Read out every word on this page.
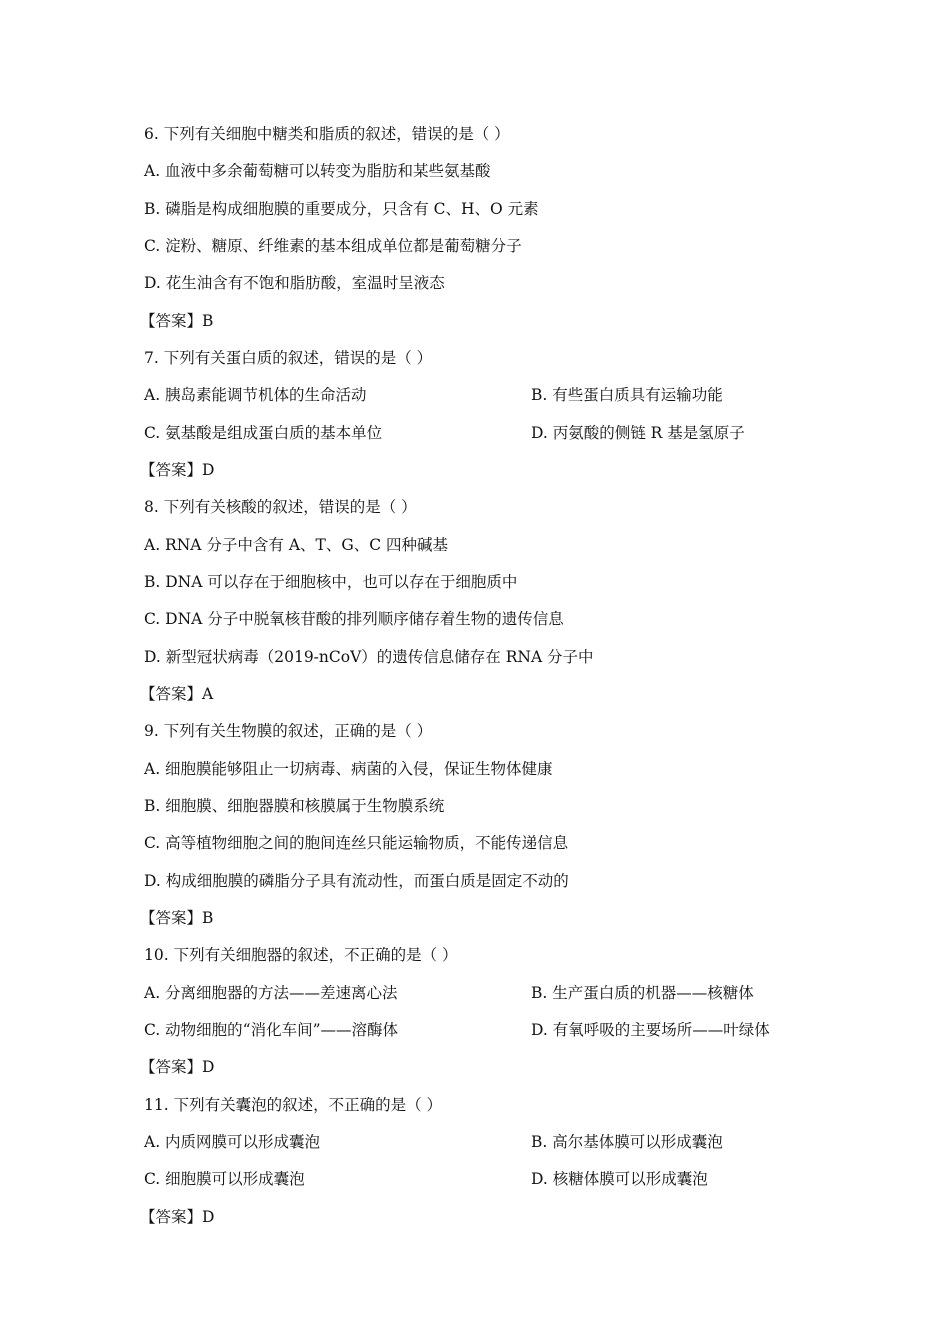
6. 下列有关细胞中糖类和脂质的叙述，错误的是（ ）
A. 血液中多余葡萄糖可以转变为脂肪和某些氨基酸
B. 磷脂是构成细胞膜的重要成分，只含有 C、H、O 元素
C. 淀粉、糖原、纤维素的基本组成单位都是葡萄糖分子
D. 花生油含有不饱和脂肪酸，室温时呈液态
【答案】B
7. 下列有关蛋白质的叙述，错误的是（ ）
A. 胰岛素能调节机体的生命活动	B. 有些蛋白质具有运输功能
C. 氨基酸是组成蛋白质的基本单位	D. 丙氨酸的侧链 R 基是氢原子
【答案】D
8. 下列有关核酸的叙述，错误的是（ ）
A. RNA 分子中含有 A、T、G、C 四种碱基
B. DNA 可以存在于细胞核中，也可以存在于细胞质中
C. DNA 分子中脱氧核苷酸的排列顺序储存着生物的遗传信息
D. 新型冠状病毒（2019-nCoV）的遗传信息储存在 RNA 分子中
【答案】A
9. 下列有关生物膜的叙述，正确的是（ ）
A. 细胞膜能够阻止一切病毒、病菌的入侵，保证生物体健康
B. 细胞膜、细胞器膜和核膜属于生物膜系统
C. 高等植物细胞之间的胞间连丝只能运输物质，不能传递信息
D. 构成细胞膜的磷脂分子具有流动性，而蛋白质是固定不动的
【答案】B
10. 下列有关细胞器的叙述，不正确的是（ ）
A. 分离细胞器的方法——差速离心法	B. 生产蛋白质的机器——核糖体
C. 动物细胞的“消化车间”——溶酶体	D. 有氧呼吸的主要场所——叶绿体
【答案】D
11. 下列有关囊泡的叙述，不正确的是（ ）
A. 内质网膜可以形成囊泡	B. 高尔基体膜可以形成囊泡
C. 细胞膜可以形成囊泡	D. 核糖体膜可以形成囊泡
【答案】D
